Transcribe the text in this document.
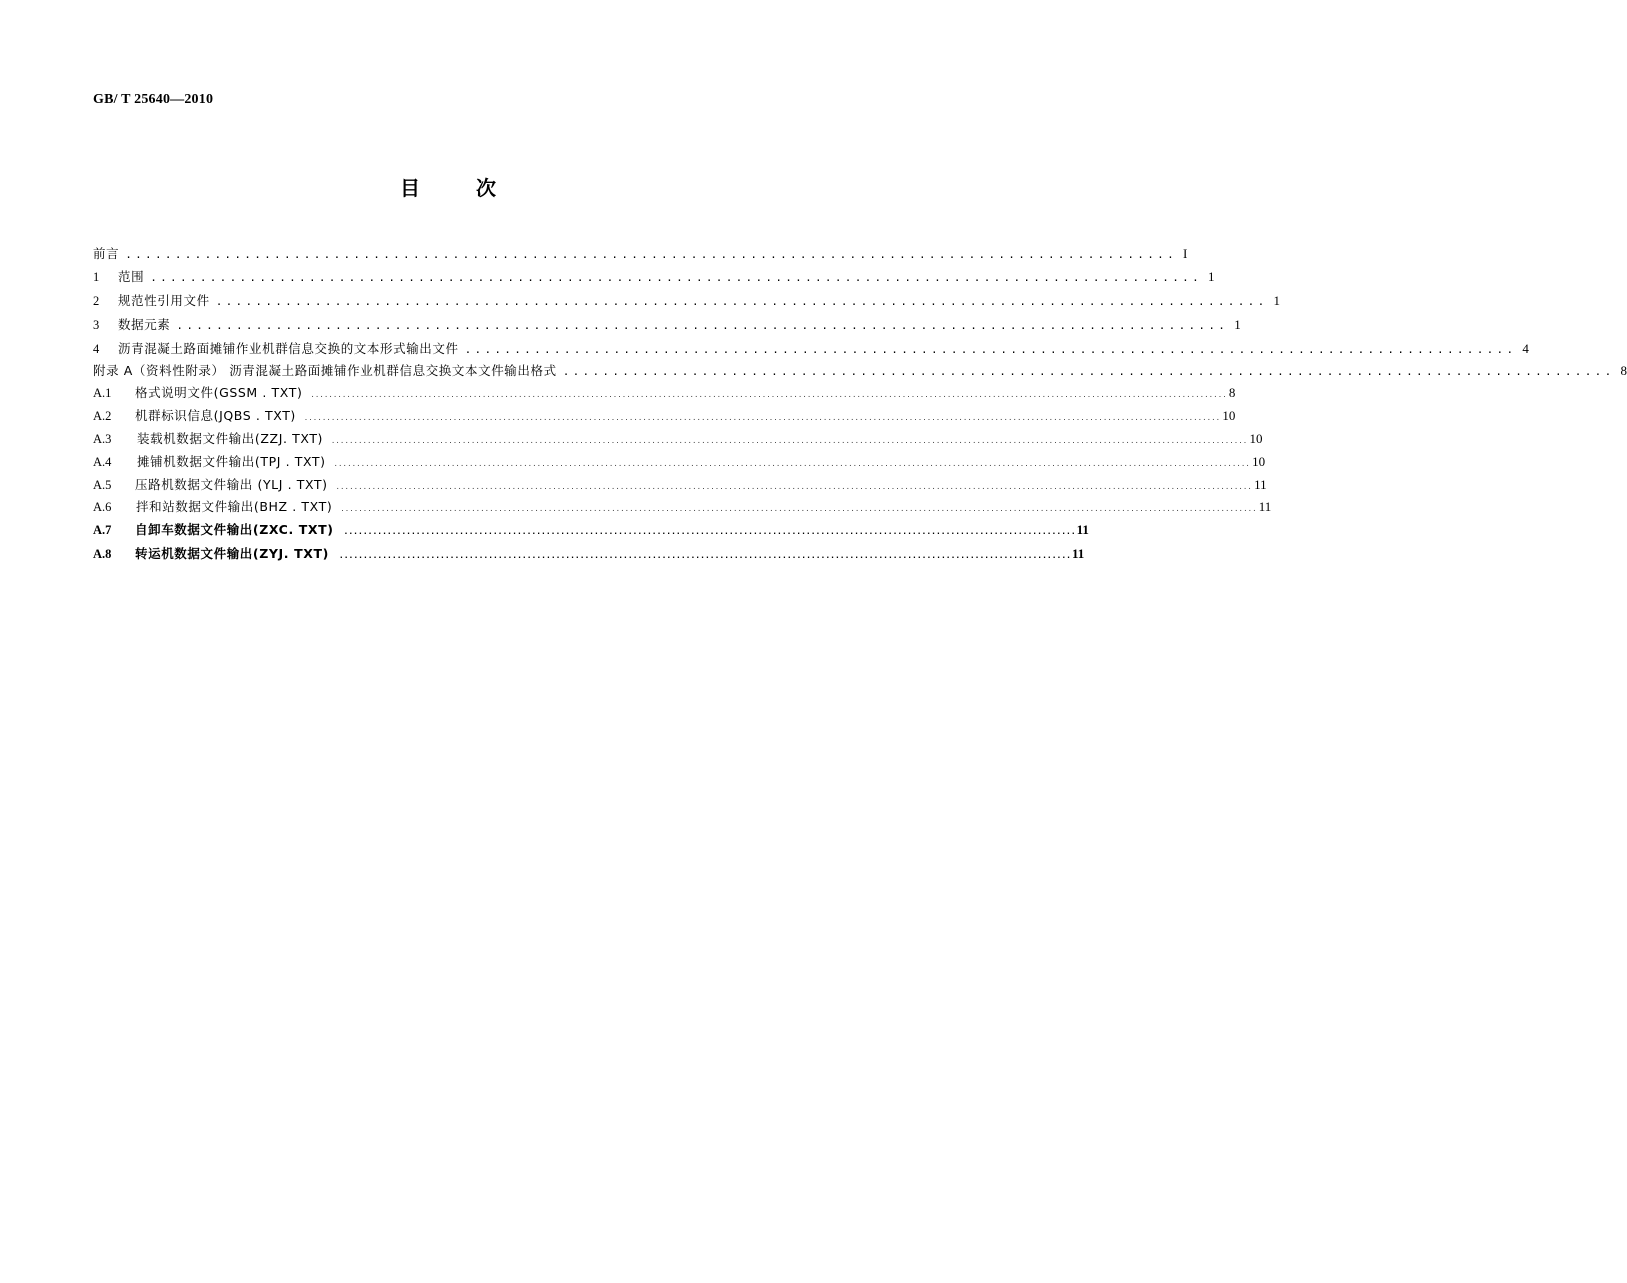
GB/ T 25640—2010
目	次
前言 .......................................................................................................... I
1	范围 .......................................................................................................... 1
2	规范性引用文件 .......................................................................................................... 1
3	数据元素 .......................................................................................................... 1
4	沥青混凝土路面摊铺作业机群信息交换的文本形式输出文件 .......................................................................................................... 4
附录 A（资料性附录） 沥青混凝土路面摊铺作业机群信息交换文本文件输出格式 .......................................................................................................... 8
A.1	格式说明文件(GSSM . TXT) ........................................................................................................................................................................................................... 8
A.2	机群标识信息(JQBS . TXT) ........................................................................................................................................................................................................... 10
A.3	装载机数据文件输出(ZZJ. TXT) ........................................................................................................................................................................................................... 10
A.4	摊铺机数据文件输出(TPJ . TXT) ........................................................................................................................................................................................................... 10
A.5	压路机数据文件输出 (YLJ . TXT) ........................................................................................................................................................................................................... 11
A.6	拌和站数据文件输出(BHZ . TXT) ........................................................................................................................................................................................................... 11
A.7	自卸车数据文件输出(ZXC. TXT) ........................................................................................................................................................ 11
A.8	转运机数据文件输出(ZYJ. TXT) ........................................................................................................................................................ 11
